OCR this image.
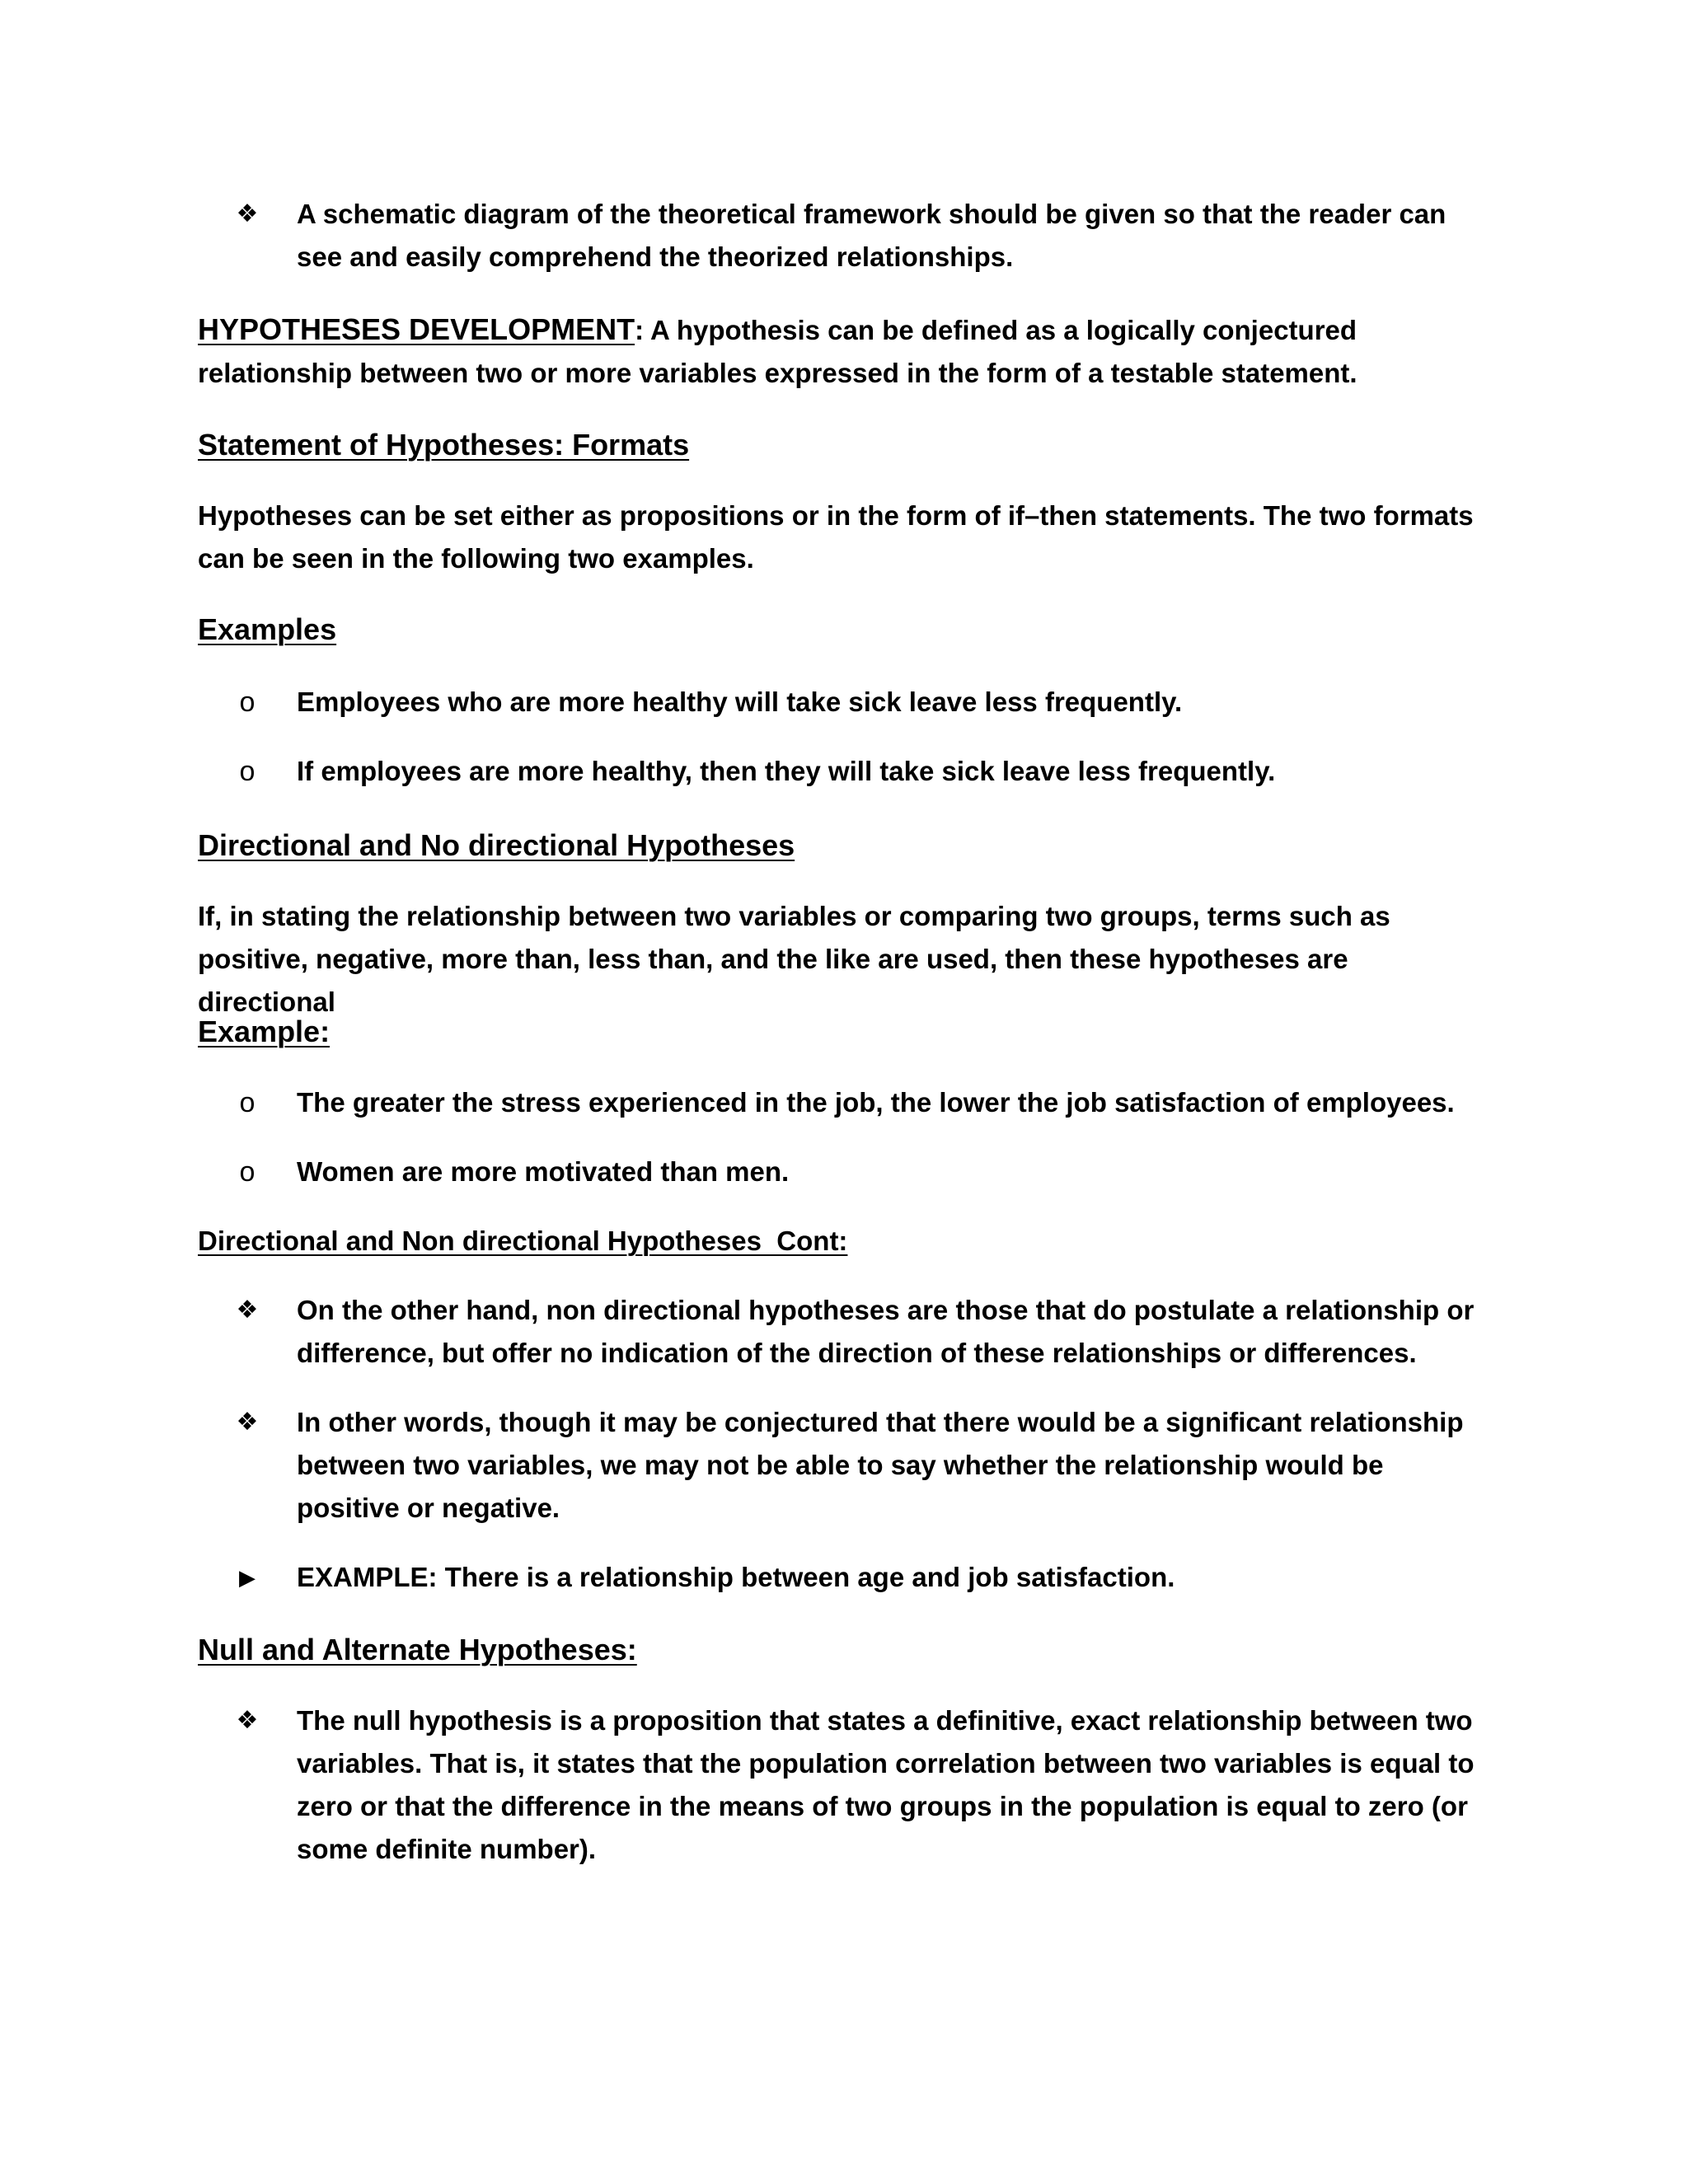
❖	A schematic diagram of the theoretical framework should be given so that the reader can see and easily comprehend the theorized relationships.
HYPOTHESES DEVELOPMENT: A hypothesis can be defined as a logically conjectured relationship between two or more variables expressed in the form of a testable statement.
Statement of Hypotheses: Formats
Hypotheses can be set either as propositions or in the form of if–then statements. The two formats can be seen in the following two examples.
Examples
o	Employees who are more healthy will take sick leave less frequently.
o	If employees are more healthy, then they will take sick leave less frequently.
Directional and No directional Hypotheses
If, in stating the relationship between two variables or comparing two groups, terms such as positive, negative, more than, less than, and the like are used, then these hypotheses are directional
Example:
o	The greater the stress experienced in the job, the lower the job satisfaction of employees.
o	Women are more motivated than men.
Directional and Non directional Hypotheses  Cont:
❖	On the other hand, non directional hypotheses are those that do postulate a relationship or difference, but offer no indication of the direction of these relationships or differences.
❖	In other words, though it may be conjectured that there would be a significant relationship between two variables, we may not be able to say whether the relationship would be positive or negative.
▶	EXAMPLE: There is a relationship between age and job satisfaction.
Null and Alternate Hypotheses:
❖	The null hypothesis is a proposition that states a definitive, exact relationship between two variables. That is, it states that the population correlation between two variables is equal to zero or that the difference in the means of two groups in the population is equal to zero (or some definite number).
